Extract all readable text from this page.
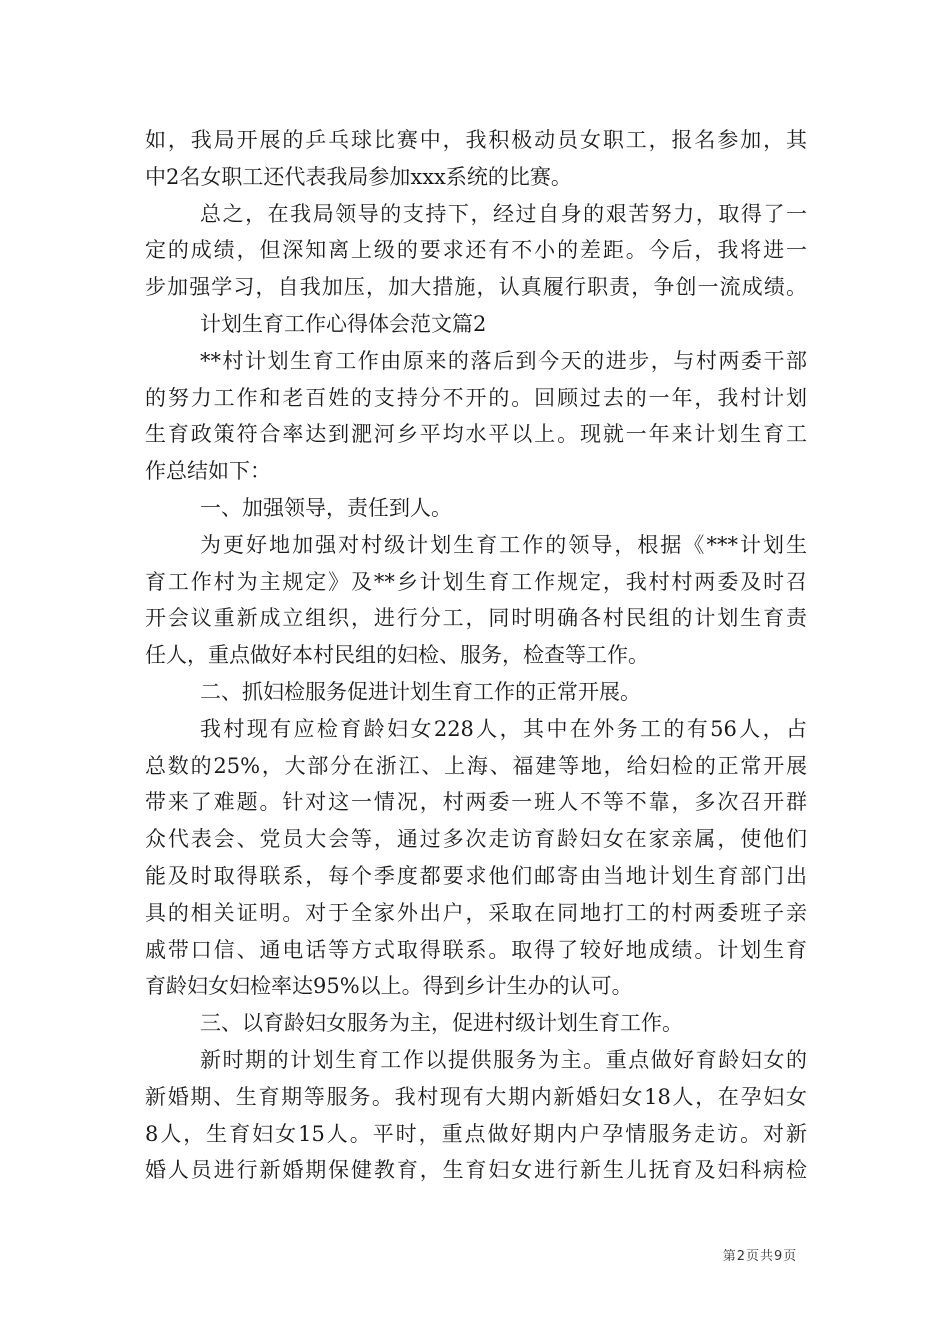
如，我局开展的乒乓球比赛中，我积极动员女职工，报名参加，其
中2名女职工还代表我局参加xxx系统的比赛。
总之，在我局领导的支持下，经过自身的艰苦努力，取得了一
定的成绩，但深知离上级的要求还有不小的差距。今后，我将进一
步加强学习，自我加压，加大措施，认真履行职责，争创一流成绩。
计划生育工作心得体会范文篇2
**村计划生育工作由原来的落后到今天的进步，与村两委干部
的努力工作和老百姓的支持分不开的。回顾过去的一年，我村计划
生育政策符合率达到淝河乡平均水平以上。现就一年来计划生育工
作总结如下：
一、加强领导，责任到人。
为更好地加强对村级计划生育工作的领导，根据《***计划生
育工作村为主规定》及**乡计划生育工作规定，我村村两委及时召
开会议重新成立组织，进行分工，同时明确各村民组的计划生育责
任人，重点做好本村民组的妇检、服务，检查等工作。
二、抓妇检服务促进计划生育工作的正常开展。
我村现有应检育龄妇女228人，其中在外务工的有56人，占
总数的25%，大部分在浙江、上海、福建等地，给妇检的正常开展
带来了难题。针对这一情况，村两委一班人不等不靠，多次召开群
众代表会、党员大会等，通过多次走访育龄妇女在家亲属，使他们
能及时取得联系，每个季度都要求他们邮寄由当地计划生育部门出
具的相关证明。对于全家外出户，采取在同地打工的村两委班子亲
戚带口信、通电话等方式取得联系。取得了较好地成绩。计划生育
育龄妇女妇检率达95%以上。得到乡计生办的认可。
三、以育龄妇女服务为主，促进村级计划生育工作。
新时期的计划生育工作以提供服务为主。重点做好育龄妇女的
新婚期、生育期等服务。我村现有大期内新婚妇女18人，在孕妇女
8人，生育妇女15人。平时，重点做好期内户孕情服务走访。对新
婚人员进行新婚期保健教育，生育妇女进行新生儿抚育及妇科病检
第2页共9页
